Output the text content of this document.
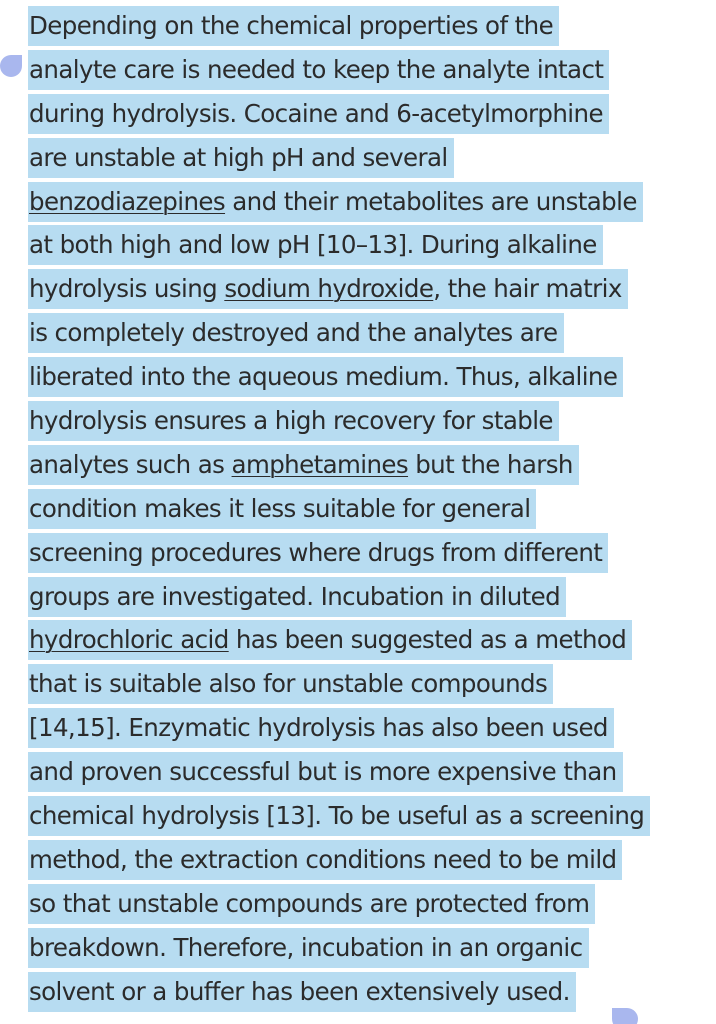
Depending on the chemical properties of the
analyte care is needed to keep the analyte intact
during hydrolysis. Cocaine and 6-acetylmorphine
are unstable at high pH and several
benzodiazepines and their metabolites are unstable
at both high and low pH [10–13]. During alkaline
hydrolysis using sodium hydroxide, the hair matrix
is completely destroyed and the analytes are
liberated into the aqueous medium. Thus, alkaline
hydrolysis ensures a high recovery for stable
analytes such as amphetamines but the harsh
condition makes it less suitable for general
screening procedures where drugs from different
groups are investigated. Incubation in diluted
hydrochloric acid has been suggested as a method
that is suitable also for unstable compounds
[14,15]. Enzymatic hydrolysis has also been used
and proven successful but is more expensive than
chemical hydrolysis [13]. To be useful as a screening
method, the extraction conditions need to be mild
so that unstable compounds are protected from
breakdown. Therefore, incubation in an organic
solvent or a buffer has been extensively used.
